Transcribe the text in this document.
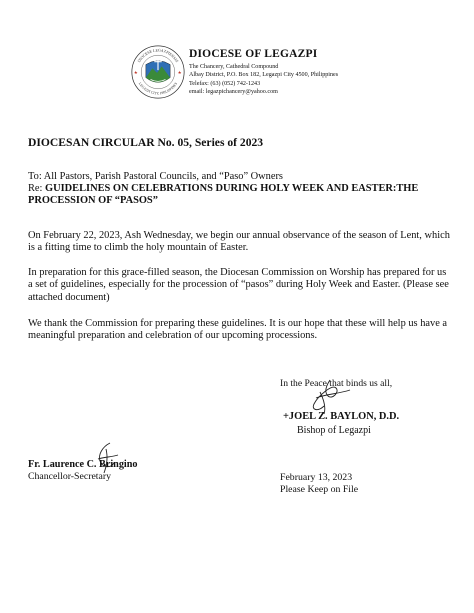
DIOCESE LEGAZPIENSIS
LEGAZPI CITY, PHILIPPINES
★	★
DIOCESE OF LEGAZPI
The Chancery, Cathedral Compound
Albay District, P.O. Box 182, Legazpi City 4500, Philippines
Telefax: (63) (052) 742-1243
email: legazpichancery@yahoo.com
DIOCESAN CIRCULAR No. 05, Series of 2023
To: All Pastors, Parish Pastoral Councils, and “Paso” Owners
Re: GUIDELINES ON CELEBRATIONS DURING HOLY WEEK AND EASTER:THE PROCESSION OF “PASOS”
On February 22, 2023, Ash Wednesday, we begin our annual observance of the season of Lent, which is a fitting time to climb the holy mountain of Easter.
In preparation for this grace-filled season, the Diocesan Commission on Worship has prepared for us a set of guidelines, especially for the procession of “pasos” during Holy Week and Easter. (Please see attached document)
We thank the Commission for preparing these guidelines. It is our hope that these will help us have a meaningful preparation and celebration of our upcoming processions.
In the Peace that binds us all,
+JOEL Z. BAYLON, D.D.
Bishop of Legazpi
Fr. Laurence C. Bringino
Chancellor-Secretary	February 13, 2023
Please Keep on File
